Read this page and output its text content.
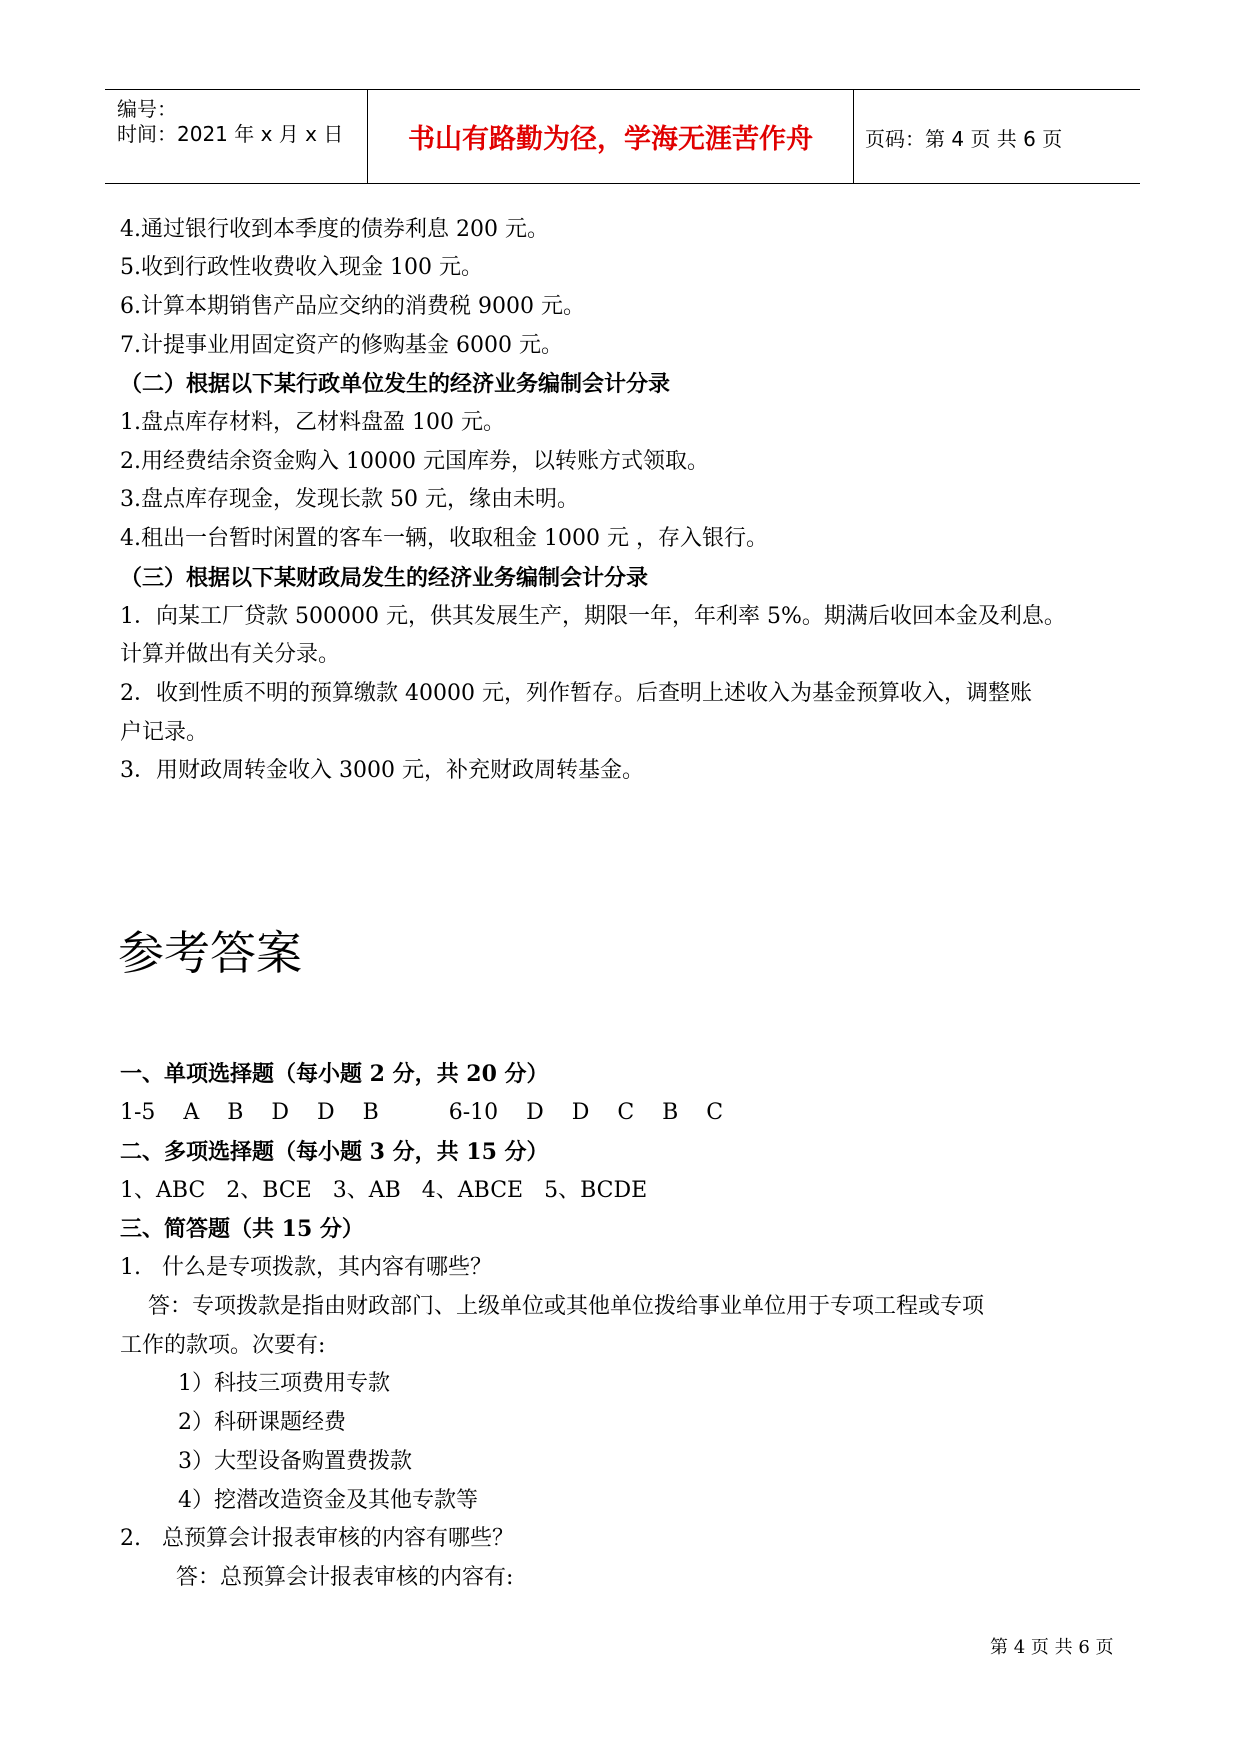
编号：
时间：2021 年 x 月 x 日	书山有路勤为径，学海无涯苦作舟	页码：第 4 页 共 6 页
4.通过银行收到本季度的债券利息 200 元。
5.收到行政性收费收入现金 100 元。
6.计算本期销售产品应交纳的消费税 9000 元。
7.计提事业用固定资产的修购基金 6000 元。
（二）根据以下某行政单位发生的经济业务编制会计分录
1.盘点库存材料，乙材料盘盈 100 元。
2.用经费结余资金购入 10000 元国库券，以转账方式领取。
3.盘点库存现金，发现长款 50 元，缘由未明。
4.租出一台暂时闲置的客车一辆，收取租金 1000 元 ，存入银行。
（三）根据以下某财政局发生的经济业务编制会计分录
1．向某工厂贷款 500000 元，供其发展生产，期限一年，年利率 5%。期满后收回本金及利息。
计算并做出有关分录。
2．收到性质不明的预算缴款 40000 元，列作暂存。后查明上述收入为基金预算收入，调整账
户记录。
3．用财政周转金收入 3000 元，补充财政周转基金。
参考答案
一、单项选择题（每小题 2 分，共 20 分）
1-5    A    B    D    D    B          6-10    D    D    C    B    C
二、多项选择题（每小题 3 分，共 15 分）
1、ABC   2、BCE   3、AB   4、ABCE   5、BCDE
三、简答题（共 15 分）
1.   什么是专项拨款，其内容有哪些？
答：专项拨款是指由财政部门、上级单位或其他单位拨给事业单位用于专项工程或专项
工作的款项。次要有:
1）科技三项费用专款
2）科研课题经费
3）大型设备购置费拨款
4）挖潜改造资金及其他专款等
2.   总预算会计报表审核的内容有哪些？
答：总预算会计报表审核的内容有:
第 4 页 共 6 页
